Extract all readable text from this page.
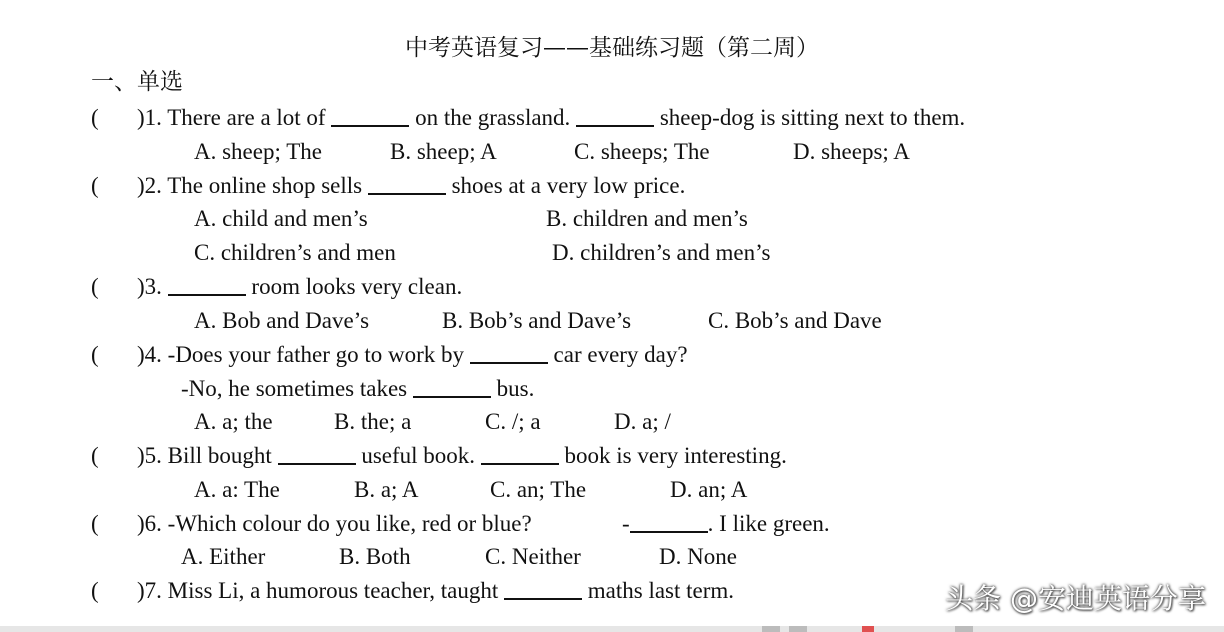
中考英语复习——基础练习题（第二周）
一、单选
( )1. There are a lot of	on the grassland.	sheep-dog is sitting next to them.
A. sheep; The	B. sheep; A	C. sheeps; The	D. sheeps; A
( )2. The online shop sells	shoes at a very low price.
A. child and men’s	B. children and men’s
C. children’s and men	D. children’s and men’s
( )3.	room looks very clean.
A. Bob and Dave’s	B. Bob’s and Dave’s	C. Bob’s and Dave
( )4. -Does your father go to work by	car every day?
-No, he sometimes takes	bus.
A. a; the	B. the; a	C. /; a	D. a; /
( )5. Bill bought	useful book.	book is very interesting.
A. a: The	B. a; A	C. an; The	D. an; A
( )6. -Which colour do you like, red or blue?	-	. I like green.
A. Either	B. Both	C. Neither	D. None
( )7. Miss Li, a humorous teacher, taught	maths last term.	头条 @安迪英语分享
